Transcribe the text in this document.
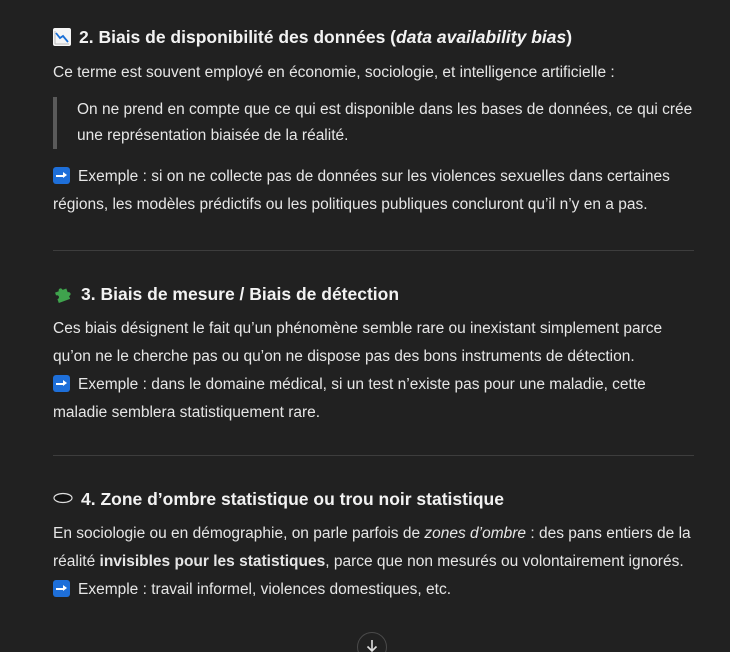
2. Biais de disponibilité des données (data availability bias)

Ce terme est souvent employé en économie, sociologie, et intelligence artificielle :

On ne prend en compte que ce qui est disponible dans les bases de données, ce qui crée une représentation biaisée de la réalité.

Exemple : si on ne collecte pas de données sur les violences sexuelles dans certaines régions, les modèles prédictifs ou les politiques publiques concluront qu’il n’y en a pas.

3. Biais de mesure / Biais de détection

Ces biais désignent le fait qu’un phénomène semble rare ou inexistant simplement parce qu’on ne le cherche pas ou qu’on ne dispose pas des bons instruments de détection.

Exemple : dans le domaine médical, si un test n’existe pas pour une maladie, cette maladie semblera statistiquement rare.

4. Zone d’ombre statistique ou trou noir statistique

En sociologie ou en démographie, on parle parfois de zones d’ombre : des pans entiers de la réalité invisibles pour les statistiques, parce que non mesurés ou volontairement ignorés.

Exemple : travail informel, violences domestiques, etc.
